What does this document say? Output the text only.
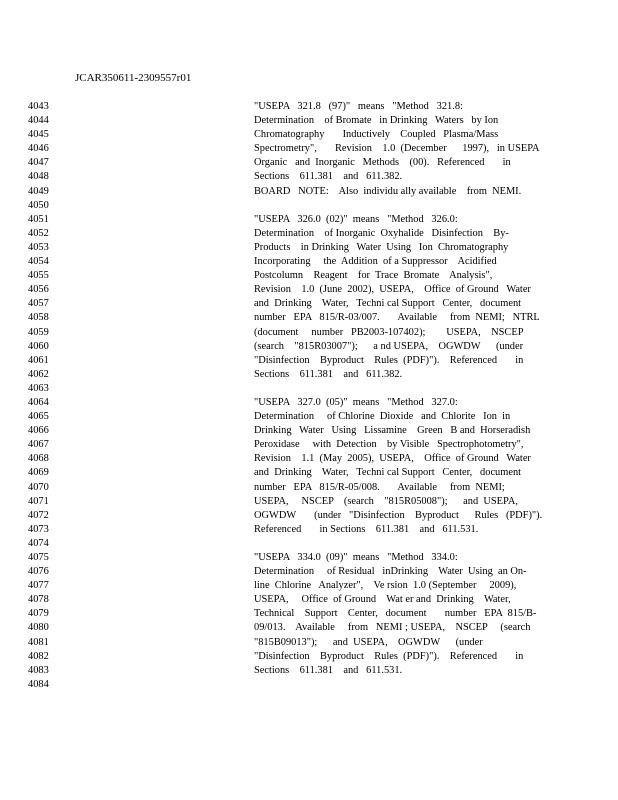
JCAR350611-2309557r01
4043	"USEPA   321.8   (97)"   means   "Method   321.8:
4044	Determination    of Bromate   in Drinking   Waters   by Ion
4045	Chromatography       Inductively    Coupled   Plasma/Mass
4046	Spectrometry",       Revision    1.0  (December      1997),   in USEPA
4047	Organic   and  Inorganic   Methods    (00).   Referenced       in
4048	Sections    611.381    and   611.382.
4049	BOARD   NOTE:    Also  individu ally available    from  NEMI.
4050
4051	"USEPA   326.0  (02)"  means   "Method   326.0:
4052	Determination    of Inorganic  Oxyhalide   Disinfection    By-
4053	Products    in Drinking   Water  Using   Ion  Chromatography
4054	Incorporating     the  Addition  of a Suppressor    Acidified
4055	Postcolumn    Reagent    for  Trace  Bromate    Analysis",
4056	Revision    1.0  (June  2002),  USEPA,    Office  of Ground   Water
4057	and  Drinking    Water,   Techni cal Support   Center,   document
4058	number   EPA   815/R-03/007.       Available     from  NEMI;   NTRL
4059	(document     number   PB2003-107402);        USEPA,    NSCEP
4060	(search    "815R03007");      a nd USEPA,    OGWDW      (under
4061	"Disinfection    Byproduct    Rules  (PDF)").    Referenced       in
4062	Sections    611.381    and   611.382.
4063
4064	"USEPA   327.0  (05)"  means   "Method   327.0:
4065	Determination     of Chlorine  Dioxide   and  Chlorite   Ion  in
4066	Drinking   Water   Using   Lissamine    Green   B and  Horseradish
4067	Peroxidase     with  Detection    by Visible   Spectrophotometry",
4068	Revision    1.1  (May  2005),  USEPA,    Office  of Ground   Water
4069	and  Drinking    Water,   Techni cal Support   Center,   document
4070	number   EPA   815/R-05/008.       Available     from  NEMI;
4071	USEPA,     NSCEP    (search    "815R05008");      and  USEPA,
4072	OGWDW       (under   "Disinfection    Byproduct      Rules   (PDF)").
4073	Referenced       in Sections    611.381    and   611.531.
4074
4075	"USEPA   334.0  (09)"  means   "Method   334.0:
4076	Determination     of Residual   inDrinking    Water  Using  an On-
4077	line  Chlorine   Analyzer",    Ve rsion  1.0 (September     2009),
4078	USEPA,     Office  of Ground    Wat er and  Drinking    Water,
4079	Technical    Support    Center,   document       number   EPA  815/B-
4080	09/013.    Available     from   NEMI ; USEPA,    NSCEP     (search
4081	"815B09013");      and  USEPA,    OGWDW      (under
4082	"Disinfection    Byproduct    Rules  (PDF)").    Referenced       in
4083	Sections    611.381    and   611.531.
4084
